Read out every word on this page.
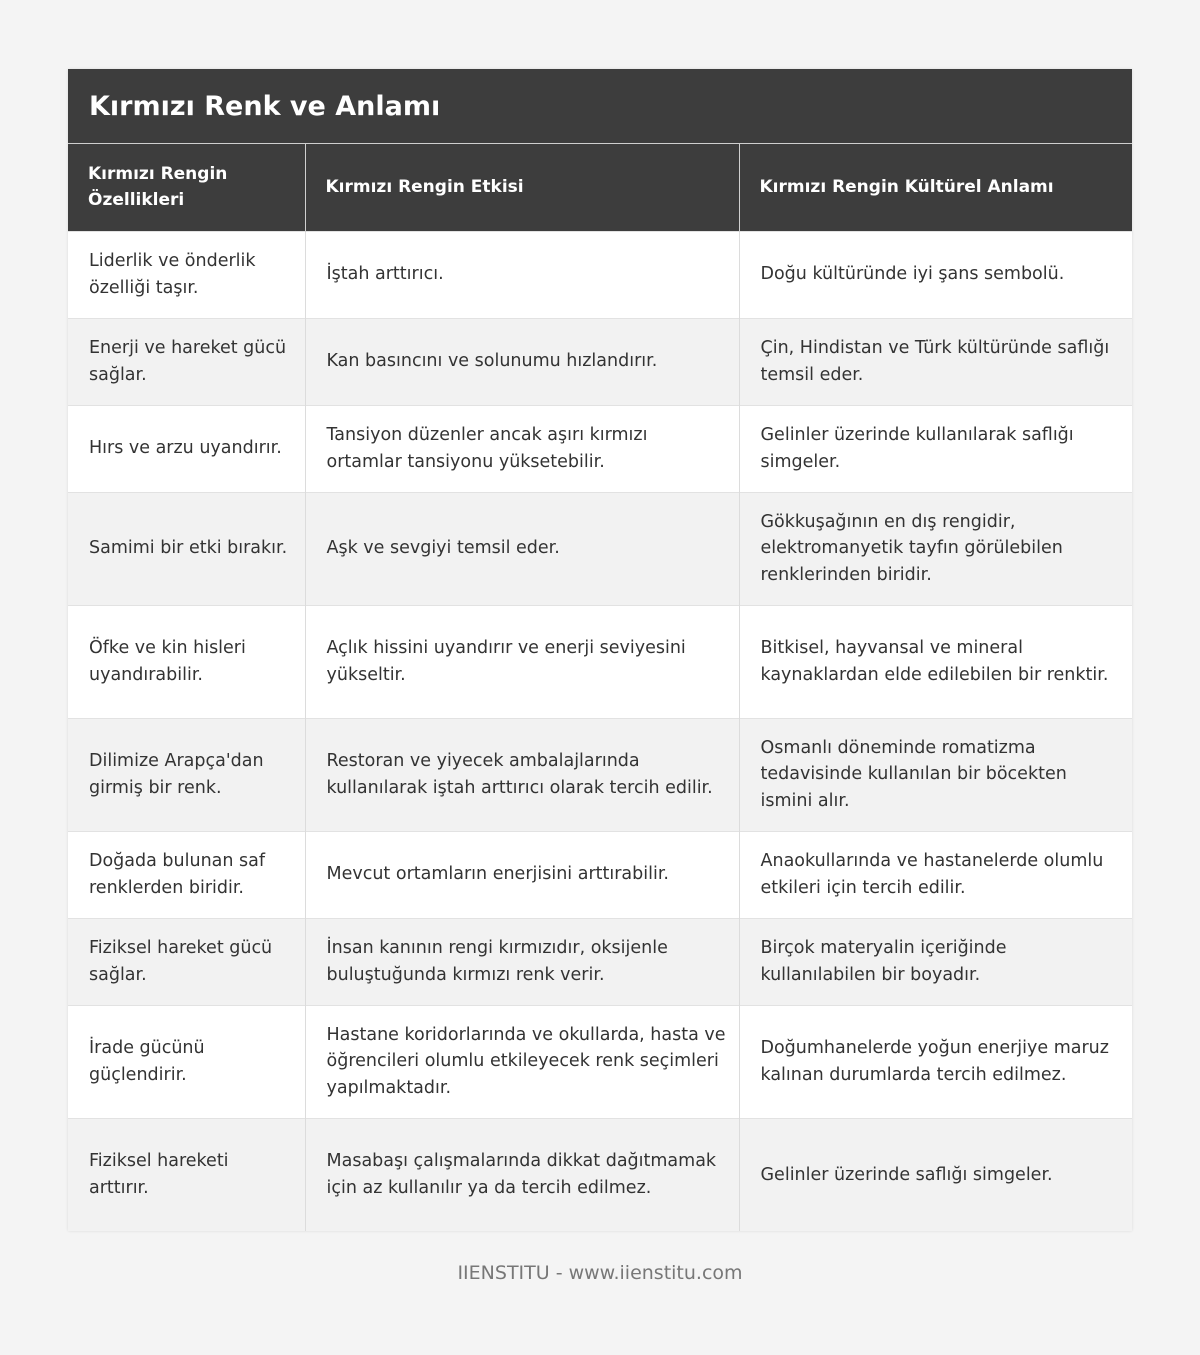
Kırmızı Renk ve Anlamı
Kırmızı Rengin Özellikleri	Kırmızı Rengin Etkisi	Kırmızı Rengin Kültürel Anlamı
Liderlik ve önderlik özelliği taşır.	İştah arttırıcı.	Doğu kültüründe iyi şans sembolü.
Enerji ve hareket gücü sağlar.	Kan basıncını ve solunumu hızlandırır.	Çin, Hindistan ve Türk kültüründe saflığı temsil eder.
Hırs ve arzu uyandırır.	Tansiyon düzenler ancak aşırı kırmızı ortamlar tansiyonu yüksetebilir.	Gelinler üzerinde kullanılarak saflığı simgeler.
Samimi bir etki bırakır.	Aşk ve sevgiyi temsil eder.	Gökkuşağının en dış rengidir, elektromanyetik tayfın görülebilen renklerinden biridir.
Öfke ve kin hisleri uyandırabilir.	Açlık hissini uyandırır ve enerji seviyesini yükseltir.	Bitkisel, hayvansal ve mineral kaynaklardan elde edilebilen bir renktir.
Dilimize Arapça'dan girmiş bir renk.	Restoran ve yiyecek ambalajlarında kullanılarak iştah arttırıcı olarak tercih edilir.	Osmanlı döneminde romatizma tedavisinde kullanılan bir böcekten ismini alır.
Doğada bulunan saf renklerden biridir.	Mevcut ortamların enerjisini arttırabilir.	Anaokullarında ve hastanelerde olumlu etkileri için tercih edilir.
Fiziksel hareket gücü sağlar.	İnsan kanının rengi kırmızıdır, oksijenle buluştuğunda kırmızı renk verir.	Birçok materyalin içeriğinde kullanılabilen bir boyadır.
İrade gücünü güçlendirir.	Hastane koridorlarında ve okullarda, hasta ve öğrencileri olumlu etkileyecek renk seçimleri yapılmaktadır.	Doğumhanelerde yoğun enerjiye maruz kalınan durumlarda tercih edilmez.
Fiziksel hareketi arttırır.	Masabaşı çalışmalarında dikkat dağıtmamak için az kullanılır ya da tercih edilmez.	Gelinler üzerinde saflığı simgeler.
IIENSTITU - www.iienstitu.com
